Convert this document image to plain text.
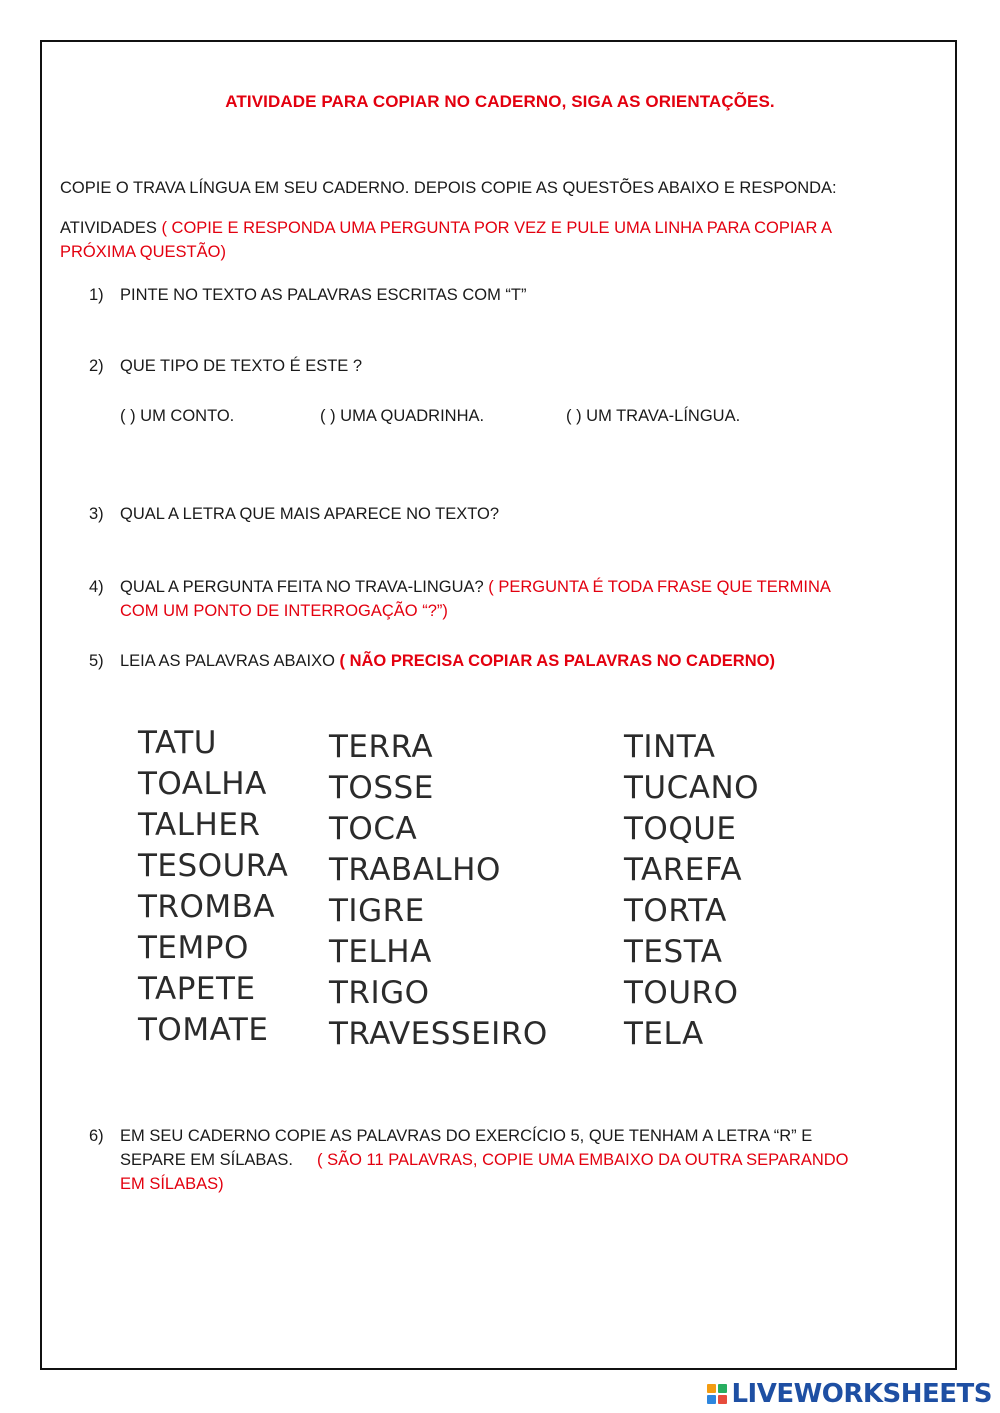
ATIVIDADE PARA COPIAR NO CADERNO, SIGA AS ORIENTAÇÕES.
COPIE O TRAVA LÍNGUA EM SEU CADERNO. DEPOIS COPIE AS QUESTÕES ABAIXO E RESPONDA:
ATIVIDADES ( COPIE E RESPONDA UMA PERGUNTA POR VEZ E PULE UMA LINHA PARA COPIAR A
PRÓXIMA QUESTÃO)
1) PINTE NO TEXTO AS PALAVRAS ESCRITAS COM “T”
2) QUE TIPO DE TEXTO É ESTE ?
( ) UM CONTO.	( ) UMA QUADRINHA.	( ) UM TRAVA-LÍNGUA.
3) QUAL A LETRA QUE MAIS APARECE NO TEXTO?
4) QUAL A PERGUNTA FEITA NO TRAVA-LINGUA? ( PERGUNTA É TODA FRASE QUE TERMINA
COM UM PONTO DE INTERROGAÇÃO “?”)
5) LEIA AS PALAVRAS ABAIXO ( NÃO PRECISA COPIAR AS PALAVRAS NO CADERNO)
TATU
TOALHA
TALHER
TESOURA
TROMBA
TEMPO
TAPETE
TOMATE
TERRA
TOSSE
TOCA
TRABALHO
TIGRE
TELHA
TRIGO
TRAVESSEIRO
TINTA
TUCANO
TOQUE
TAREFA
TORTA
TESTA
TOURO
TELA
6) EM SEU CADERNO COPIE AS PALAVRAS DO EXERCÍCIO 5, QUE TENHAM A LETRA “R” E
SEPARE EM SÍLABAS. ( SÃO 11 PALAVRAS, COPIE UMA EMBAIXO DA OUTRA SEPARANDO
EM SÍLABAS)
LIVEWORKSHEETS
